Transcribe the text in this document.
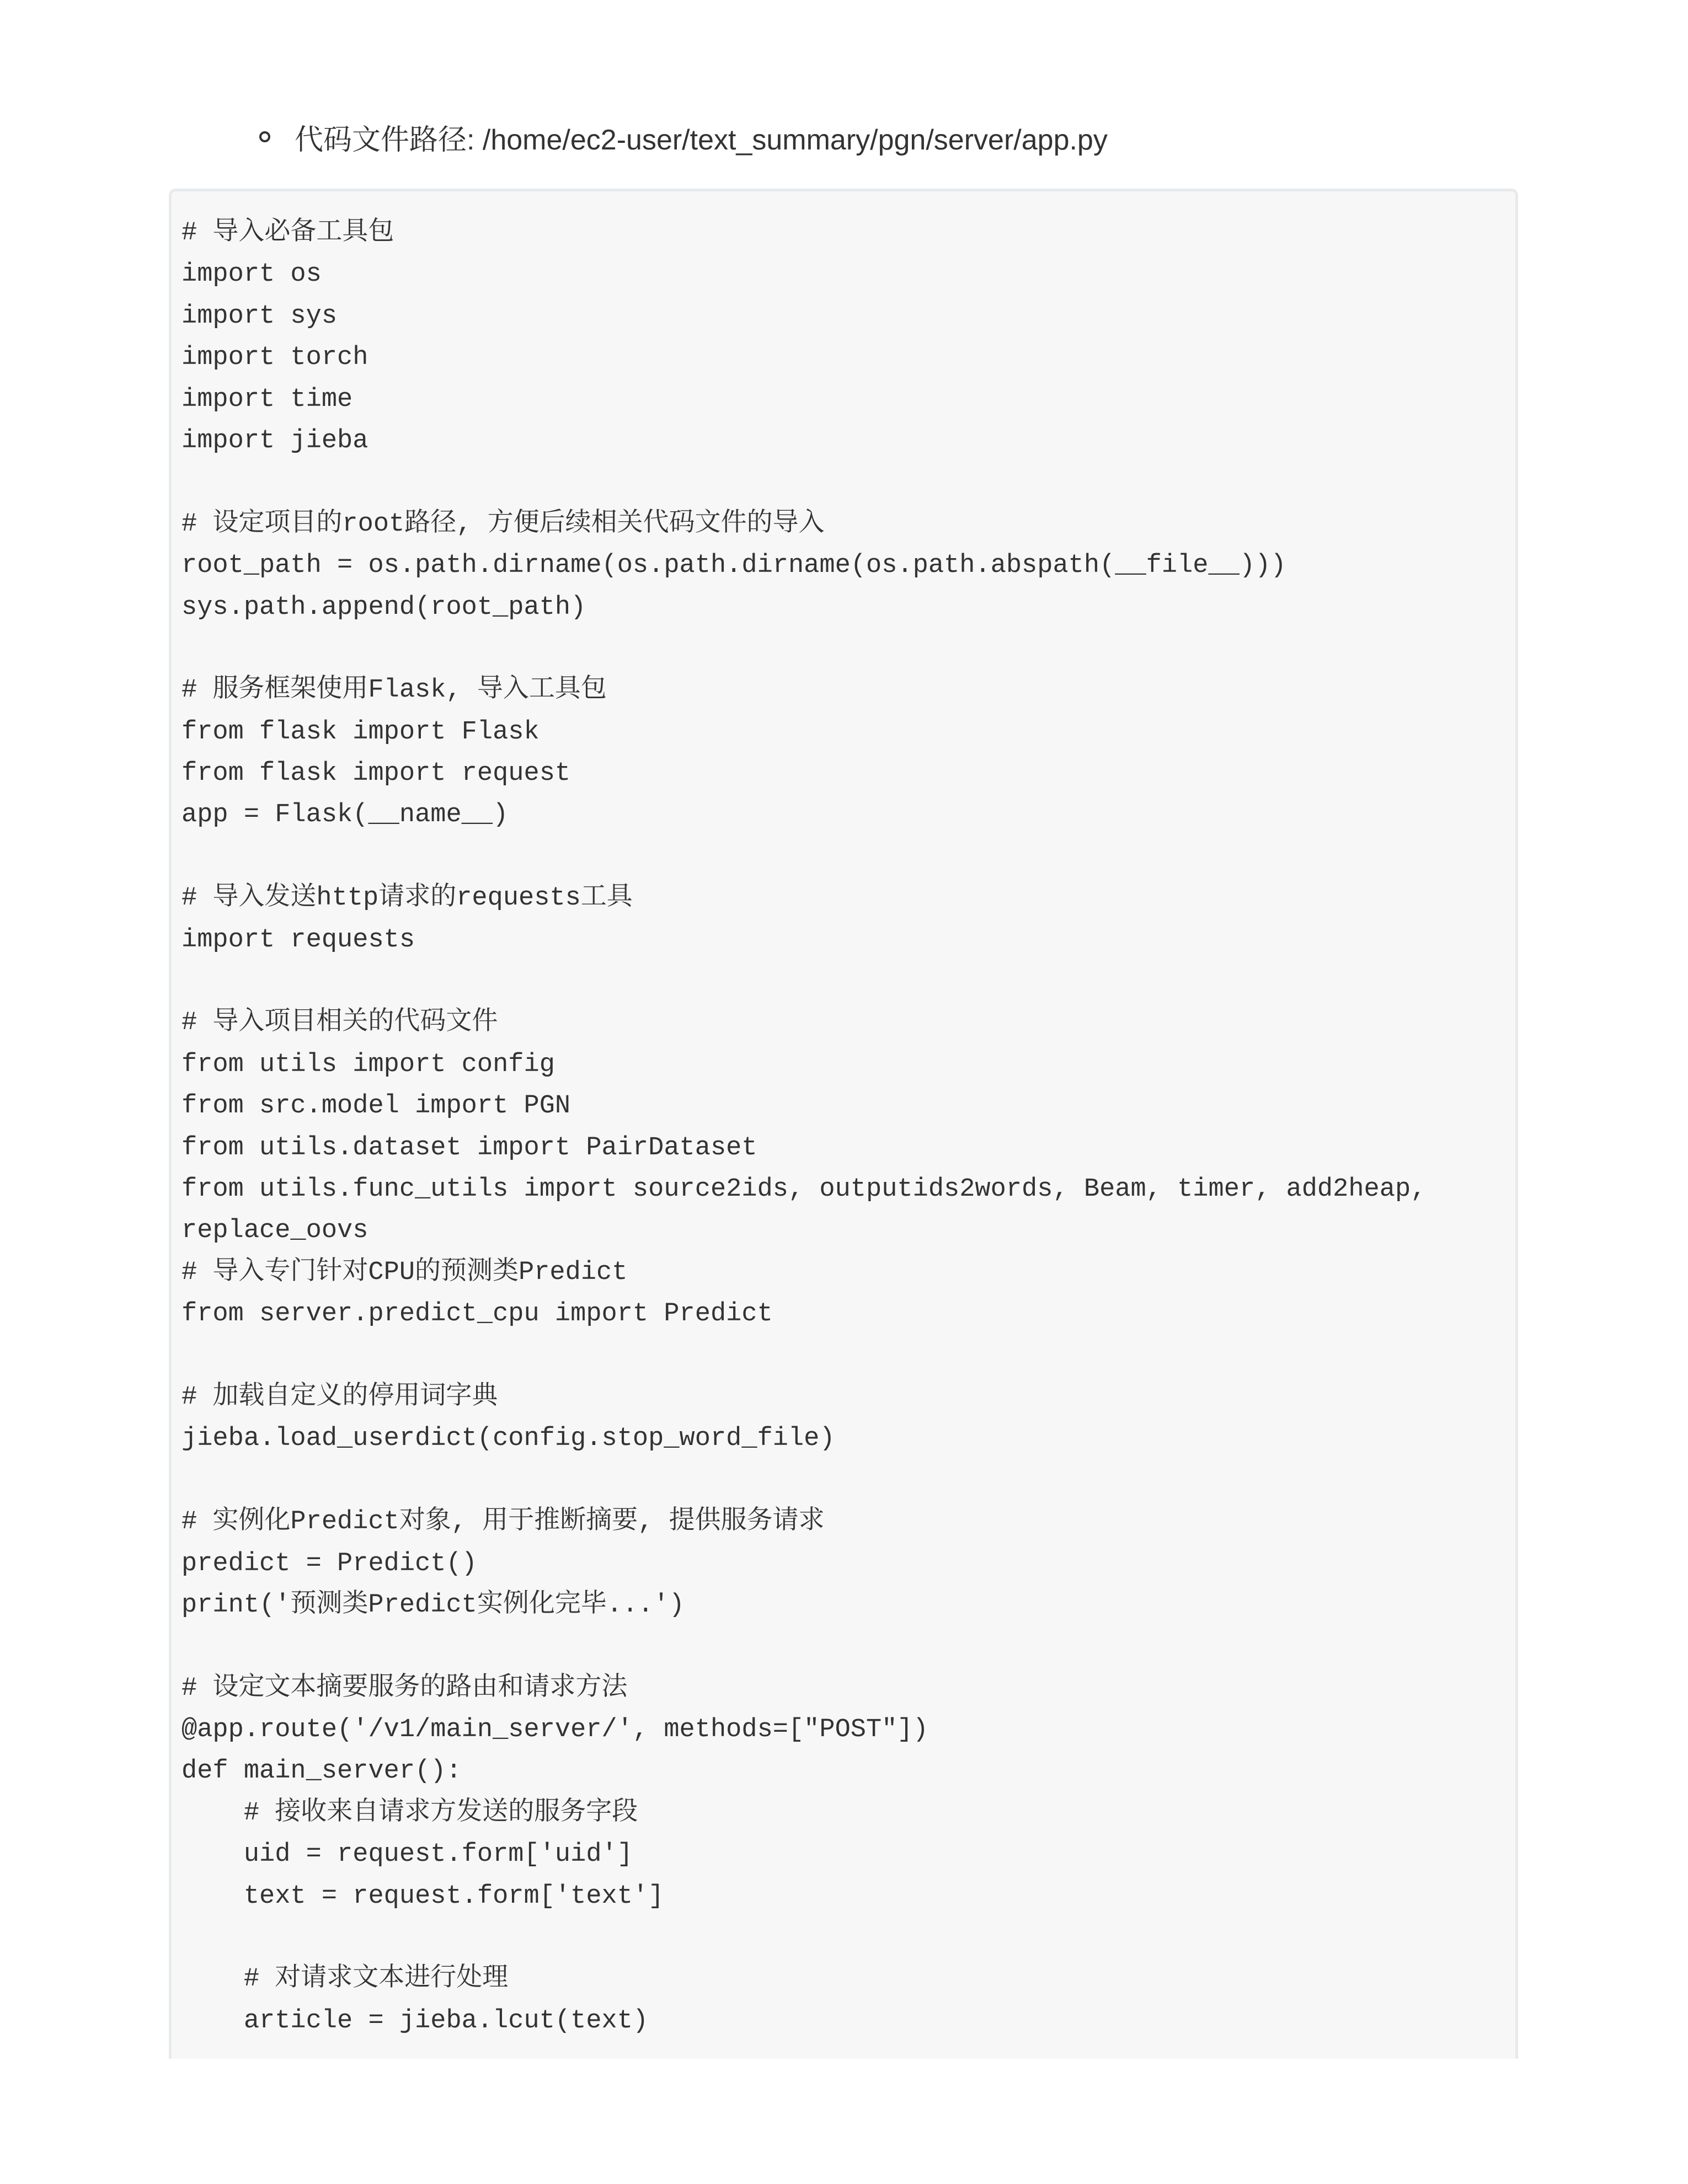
代码文件路径: /home/ec2-user/text_summary/pgn/server/app.py
# 导入必备工具包
import os
import sys
import torch
import time
import jieba
# 设定项目的root路径, 方便后续相关代码文件的导入
root_path = os.path.dirname(os.path.dirname(os.path.abspath(__file__)))
sys.path.append(root_path)
# 服务框架使用Flask, 导入工具包
from flask import Flask
from flask import request
app = Flask(__name__)
# 导入发送http请求的requests工具
import requests
# 导入项目相关的代码文件
from utils import config
from src.model import PGN
from utils.dataset import PairDataset
from utils.func_utils import source2ids, outputids2words, Beam, timer, add2heap,
replace_oovs
# 导入专门针对CPU的预测类Predict
from server.predict_cpu import Predict
# 加载自定义的停用词字典
jieba.load_userdict(config.stop_word_file)
# 实例化Predict对象, 用于推断摘要, 提供服务请求
predict = Predict()
print('预测类Predict实例化完毕...')
# 设定文本摘要服务的路由和请求方法
@app.route('/v1/main_server/', methods=["POST"])
def main_server():
# 接收来自请求方发送的服务字段
uid = request.form['uid']
text = request.form['text']
# 对请求文本进行处理
article = jieba.lcut(text)
